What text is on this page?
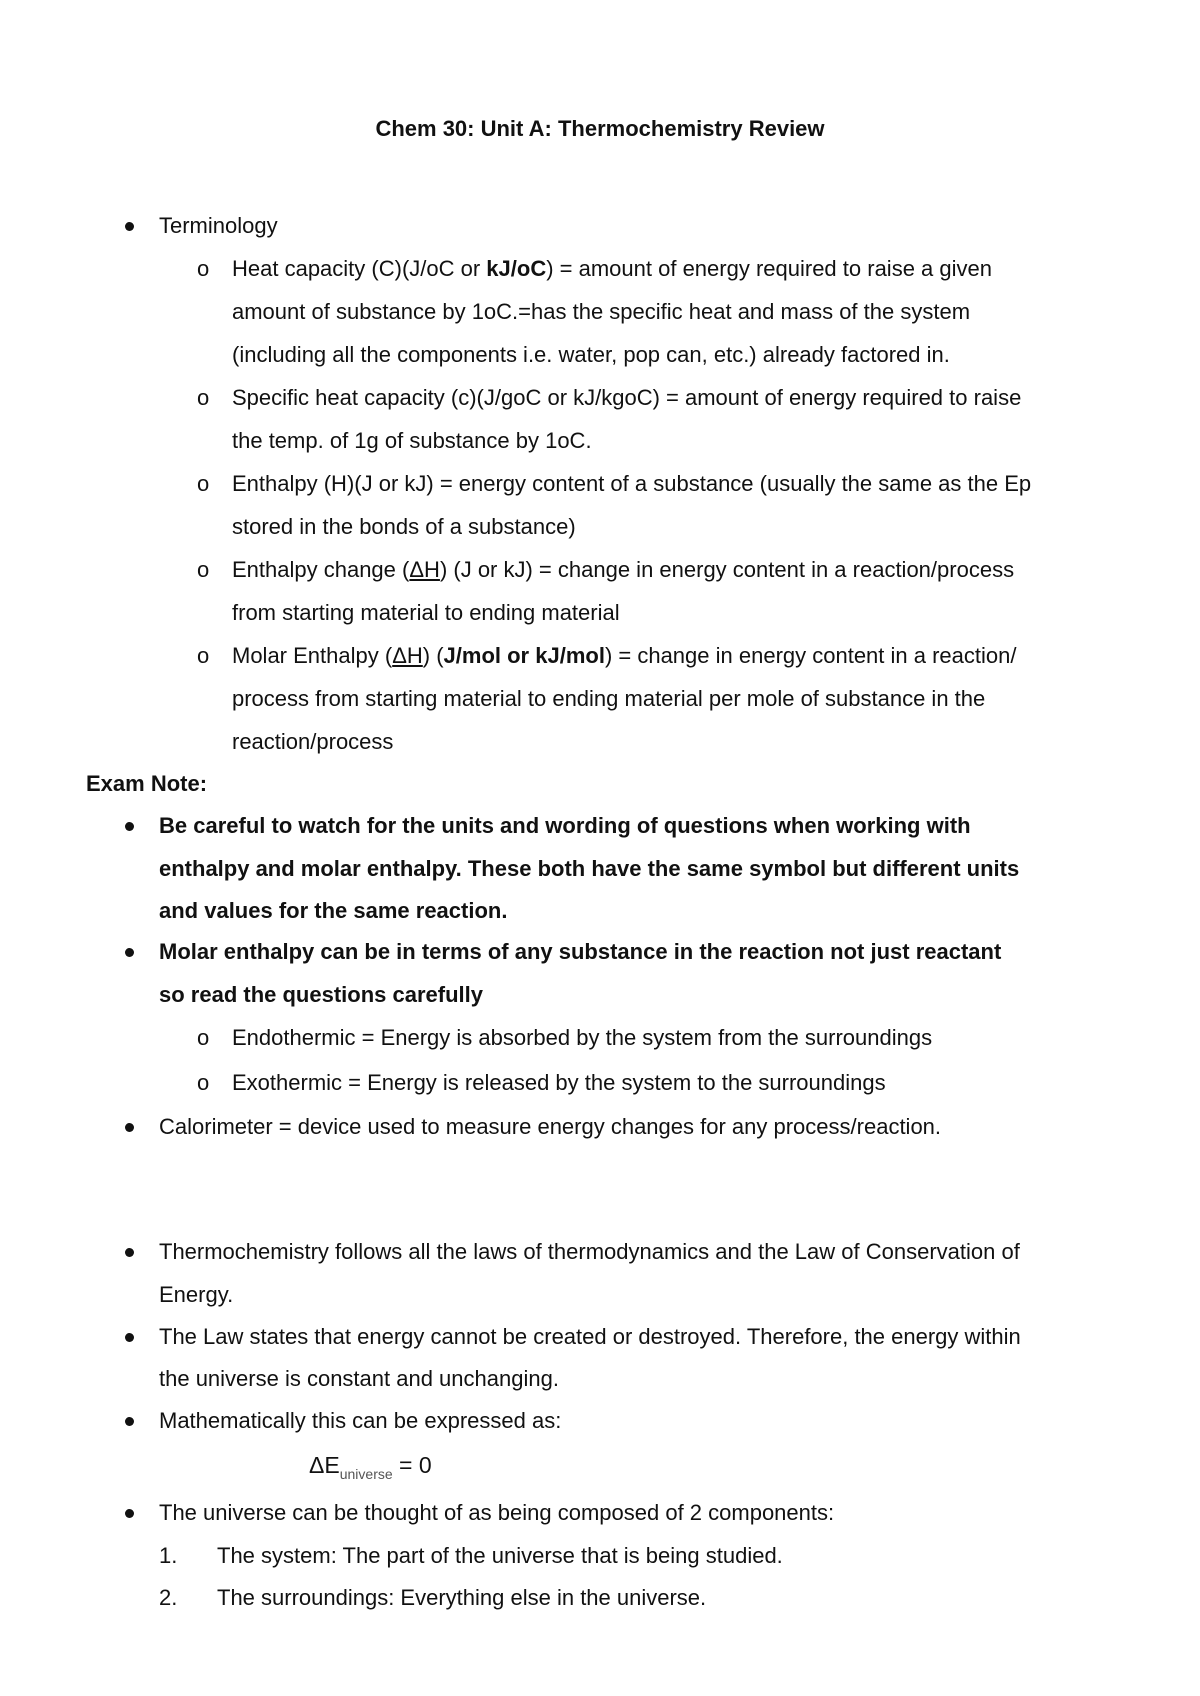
Chem 30: Unit A: Thermochemistry Review

Terminology

o Heat capacity (C)(J/oC or kJ/oC) = amount of energy required to raise a given

amount of substance by 1oC.=has the specific heat and mass of the system

(including all the components i.e. water, pop can, etc.) already factored in.

o Specific heat capacity (c)(J/goC or kJ/kgoC) = amount of energy required to raise

the temp. of 1g of substance by 1oC.

o Enthalpy (H)(J or kJ) = energy content of a substance (usually the same as the Ep

stored in the bonds of a substance)

o Enthalpy change (ΔH) (J or kJ) = change in energy content in a reaction/process

from starting material to ending material

o Molar Enthalpy (ΔH) (J/mol or kJ/mol) = change in energy content in a reaction/

process from starting material to ending material per mole of substance in the

reaction/process

Exam Note:

Be careful to watch for the units and wording of questions when working with

enthalpy and molar enthalpy. These both have the same symbol but different units

and values for the same reaction.

Molar enthalpy can be in terms of any substance in the reaction not just reactant

so read the questions carefully

o Endothermic = Energy is absorbed by the system from the surroundings

o Exothermic = Energy is released by the system to the surroundings

Calorimeter = device used to measure energy changes for any process/reaction.

Thermochemistry follows all the laws of thermodynamics and the Law of Conservation of

Energy.

The Law states that energy cannot be created or destroyed. Therefore, the energy within

the universe is constant and unchanging.

Mathematically this can be expressed as:

$\Delta E_{universe} = 0$

The universe can be thought of as being composed of 2 components:

1. The system: The part of the universe that is being studied.

2. The surroundings: Everything else in the universe.
